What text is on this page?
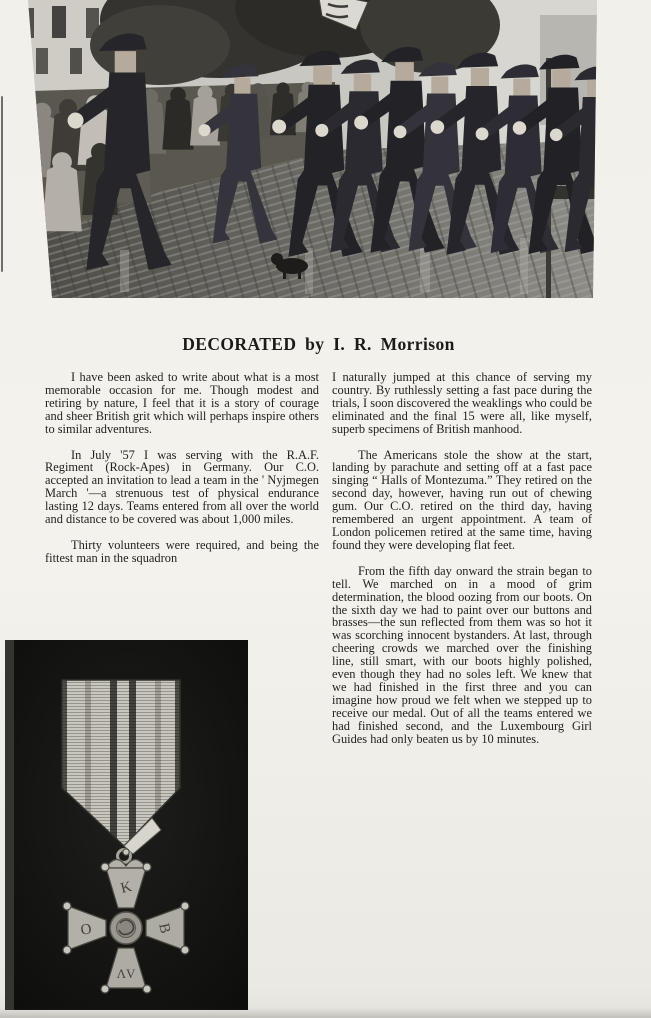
DECORATED by I. R. Morrison

I have been asked to write about what is a most memorable occasion for me. Though modest and retiring by nature, I feel that it is a story of courage and sheer British grit which will perhaps inspire others to similar adventures.

In July '57 I was serving with the R.A.F. Regiment (Rock-Apes) in Germany. Our C.O. accepted an invitation to lead a team in the ' Nyjmegen March '—a strenuous test of physical endurance lasting 12 days. Teams entered from all over the world and distance to be covered was about 1,000 miles.

Thirty volunteers were required, and being the fittest man in the squadron

I naturally jumped at this chance of serving my country. By ruthlessly setting a fast pace during the trials, I soon discovered the weaklings who could be eliminated and the final 15 were all, like myself, superb specimens of British manhood.

The Americans stole the show at the start, landing by parachute and setting off at a fast pace singing “ Halls of Montezuma.” They retired on the second day, however, having run out of chewing gum. Our C.O. retired on the third day, having remembered an urgent appointment. A team of London policemen retired at the same time, having found they were developing flat feet.

From the fifth day onward the strain began to tell. We marched on in a mood of grim determination, the blood oozing from our boots. On the sixth day we had to paint over our buttons and brasses—the sun reflected from them was so hot it was scorching innocent bystanders. At last, through cheering crowds we marched over the finishing line, still smart, with our boots highly polished, even though they had no soles left. We knew that we had finished in the first three and you can imagine how proud we felt when we stepped up to receive our medal. Out of all the teams entered we had finished second, and the Luxembourg Girl Guides had only beaten us by 10 minutes.

K
O	B
ΛV
